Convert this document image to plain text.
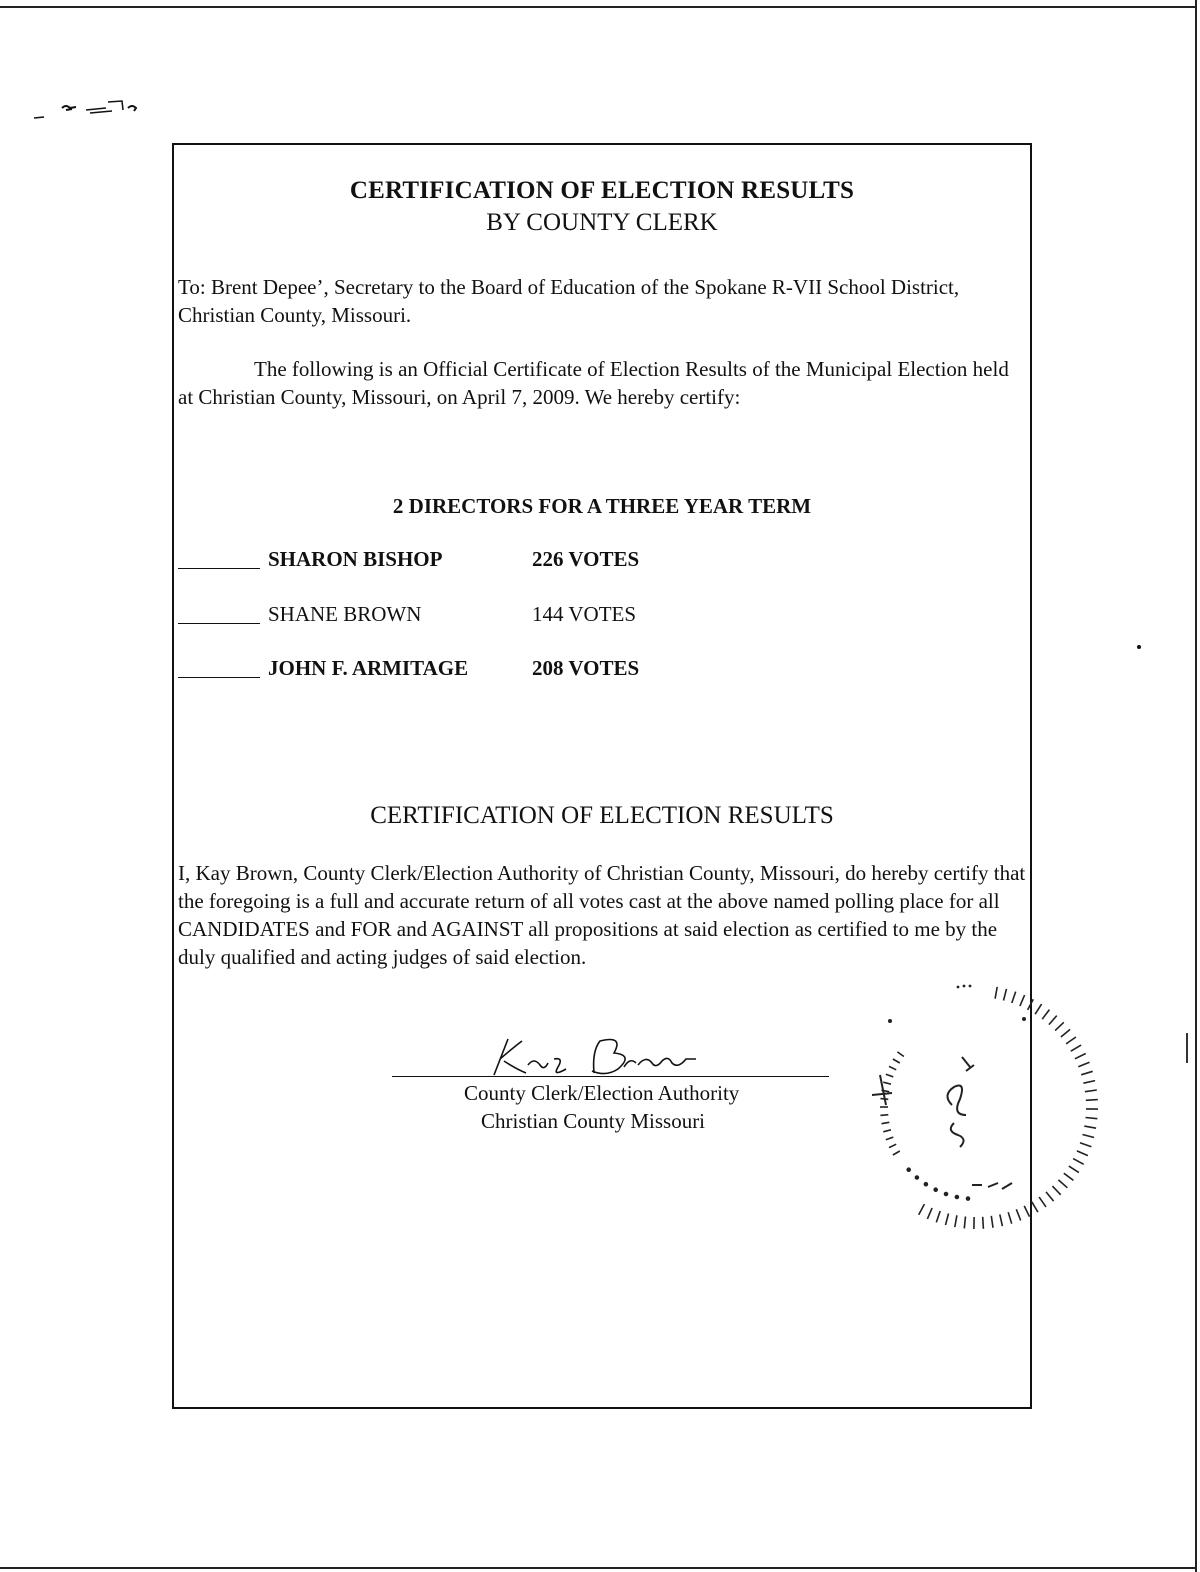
CERTIFICATION OF ELECTION RESULTS
BY COUNTY CLERK
To: Brent Depee’, Secretary to the Board of Education of the Spokane R-VII School District, Christian County, Missouri.
The following is an Official Certificate of Election Results of the Municipal Election held at Christian County, Missouri, on April 7, 2009. We hereby certify:
2 DIRECTORS FOR A THREE YEAR TERM
SHARON BISHOP	226 VOTES
SHANE BROWN	144 VOTES
JOHN F. ARMITAGE	208 VOTES
CERTIFICATION OF ELECTION RESULTS
I, Kay Brown, County Clerk/Election Authority of Christian County, Missouri, do hereby certify that the foregoing is a full and accurate return of all votes cast at the above named polling place for all CANDIDATES and FOR and AGAINST all propositions at said election as certified to me by the duly qualified and acting judges of said election.
County Clerk/Election Authority
Christian County Missouri
